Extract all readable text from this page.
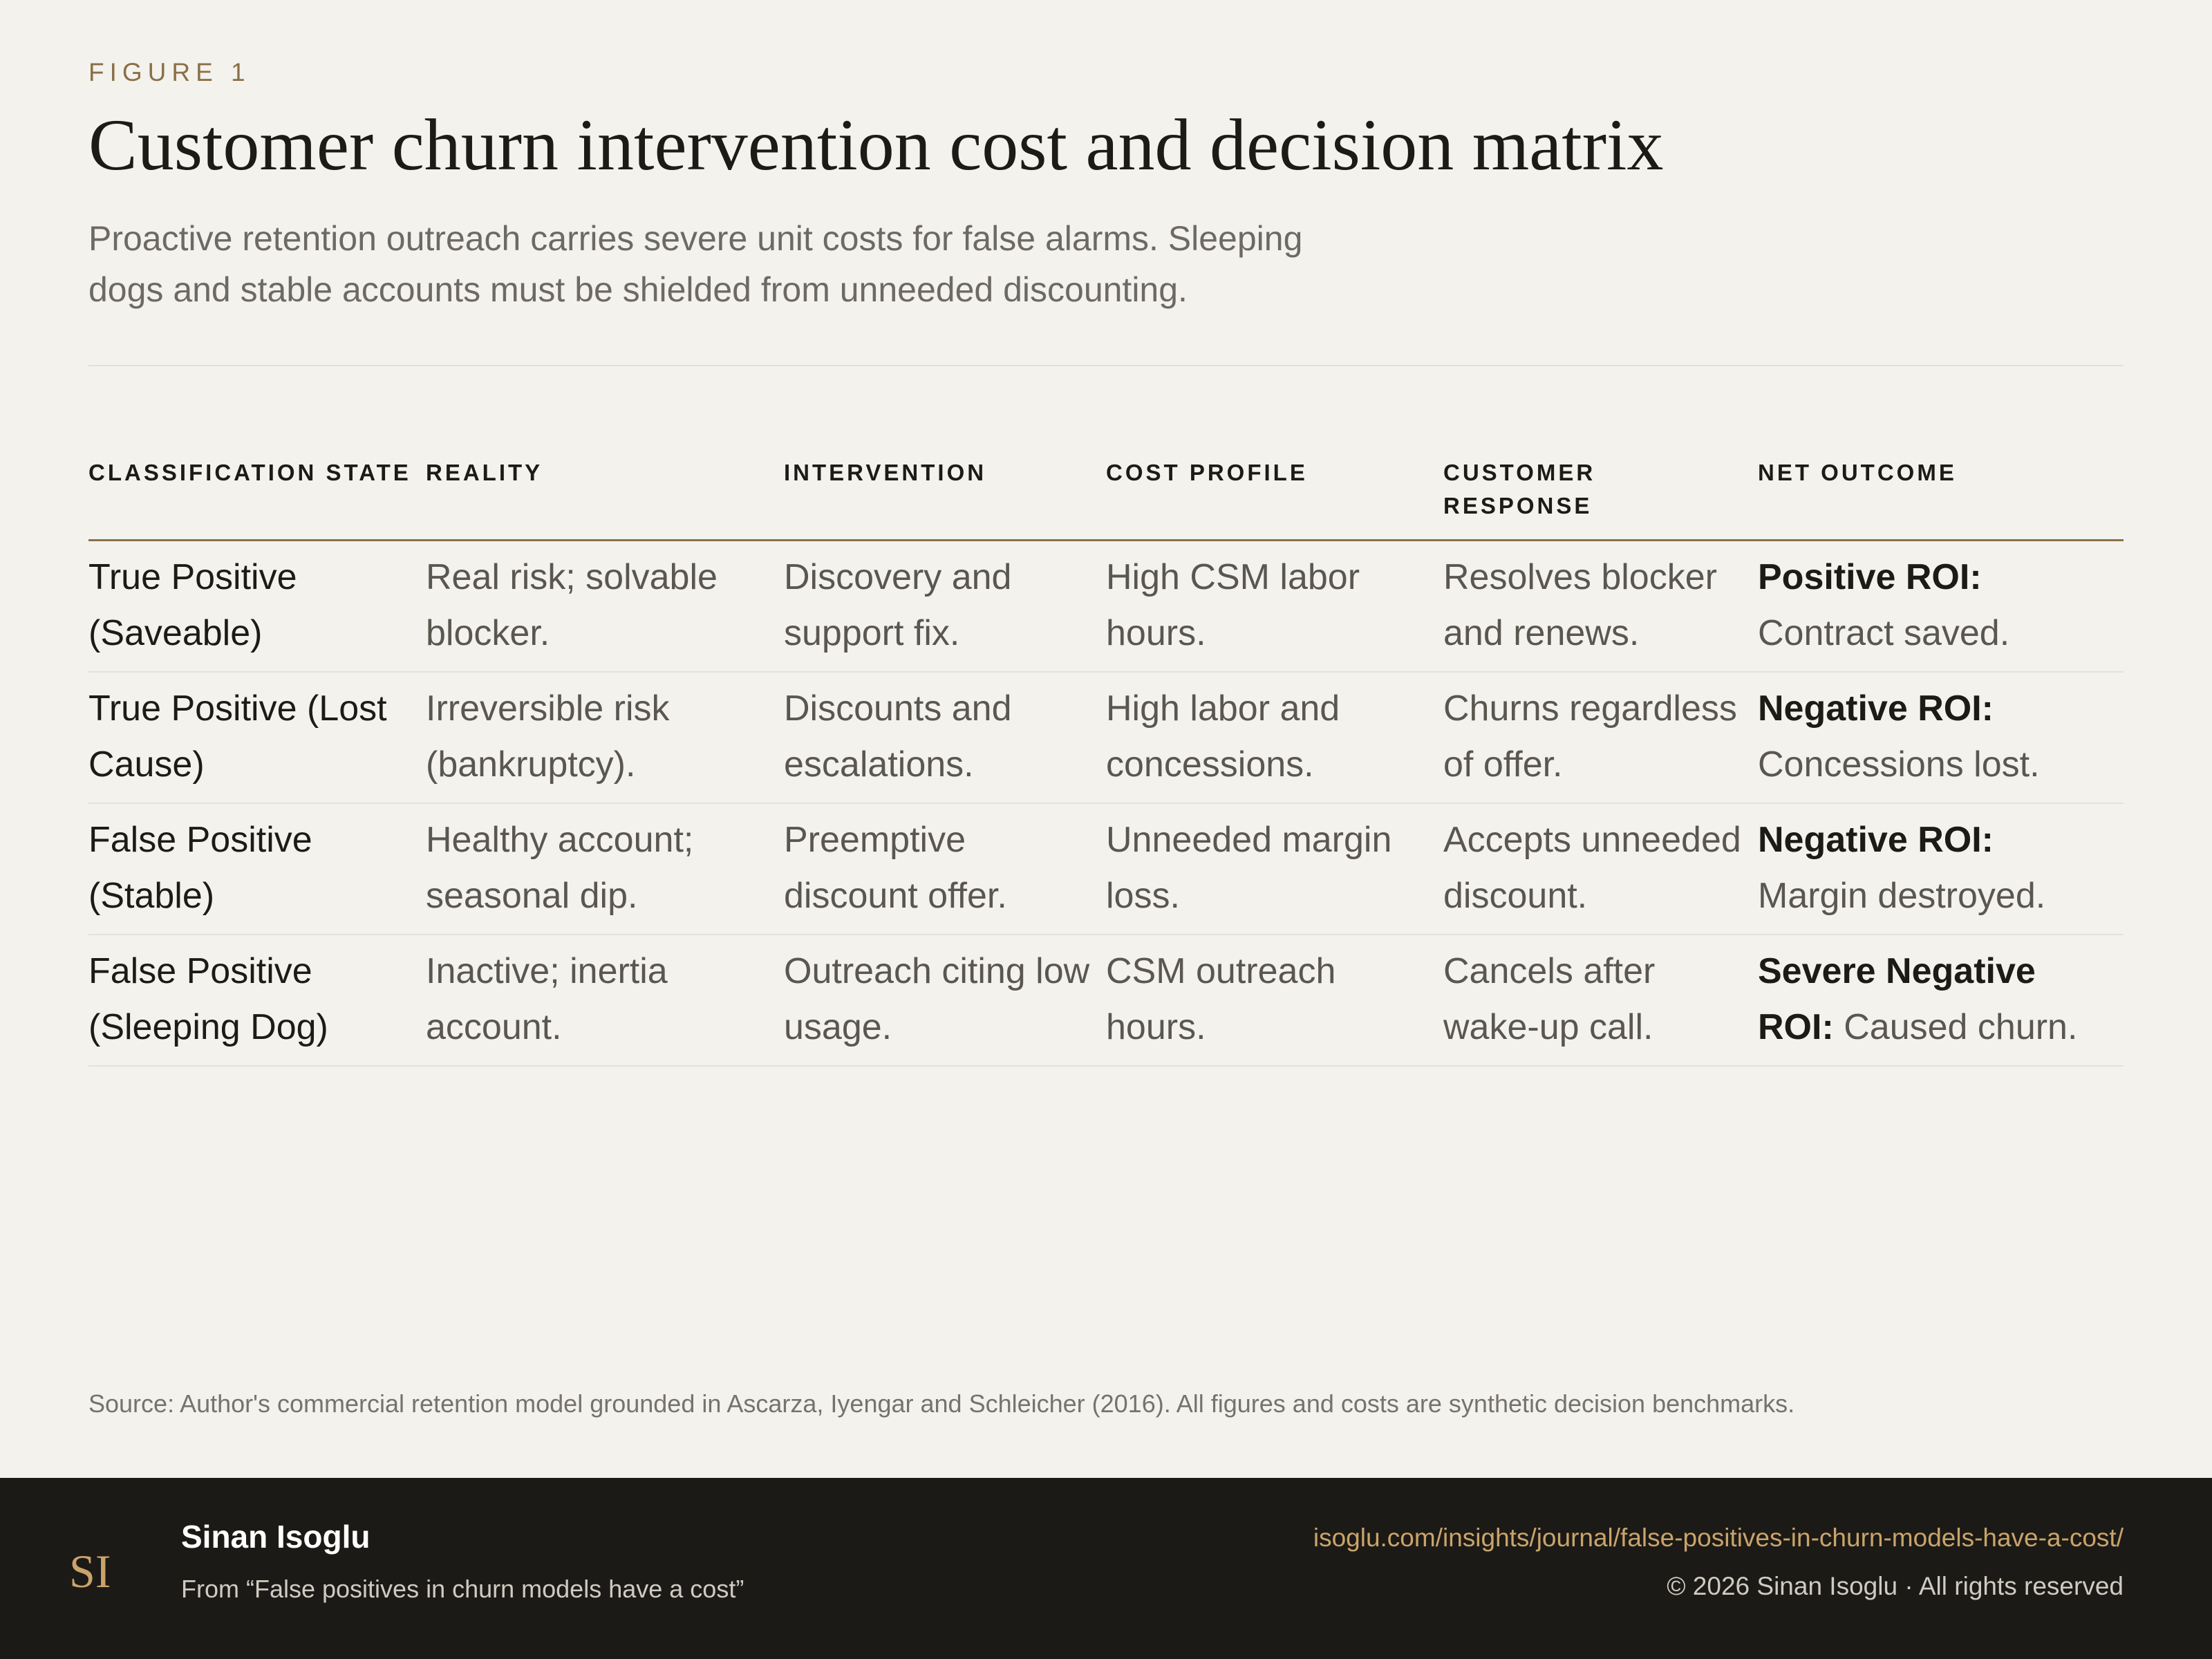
FIGURE 1
Customer churn intervention cost and decision matrix

Proactive retention outreach carries severe unit costs for false alarms. Sleeping dogs and stable accounts must be shielded from unneeded discounting.

CLASSIFICATION STATE	REALITY	INTERVENTION	COST PROFILE	CUSTOMER RESPONSE	NET OUTCOME
True Positive (Saveable)	Real risk; solvable blocker.	Discovery and support fix.	High CSM labor hours.	Resolves blocker and renews.	Positive ROI: Contract saved.
True Positive (Lost Cause)	Irreversible risk (bankruptcy).	Discounts and escalations.	High labor and concessions.	Churns regardless of offer.	Negative ROI: Concessions lost.
False Positive (Stable)	Healthy account; seasonal dip.	Preemptive discount offer.	Unneeded margin loss.	Accepts unneeded discount.	Negative ROI: Margin destroyed.
False Positive (Sleeping Dog)	Inactive; inertia account.	Outreach citing low usage.	CSM outreach hours.	Cancels after wake-up call.	Severe Negative ROI: Caused churn.
Source: Author's commercial retention model grounded in Ascarza, Iyengar and Schleicher (2016). All figures and costs are synthetic decision benchmarks.
SI
Sinan Isoglu
From “False positives in churn models have a cost”
isoglu.com/insights/journal/false-positives-in-churn-models-have-a-cost/
© 2026 Sinan Isoglu · All rights reserved
